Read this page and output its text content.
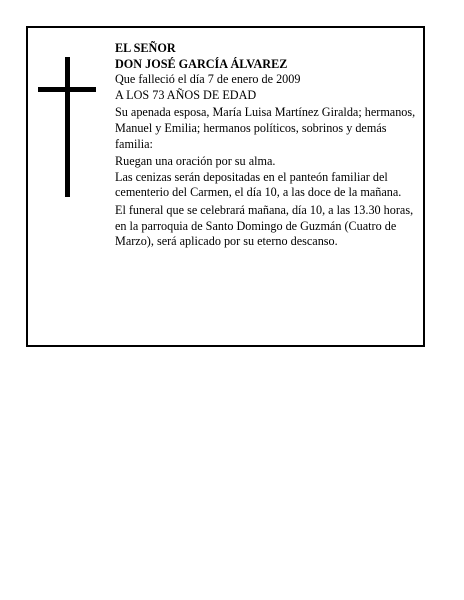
EL SEÑOR

DON JOSÉ GARCÍA ÁLVAREZ

Que falleció el día 7 de enero de 2009

A LOS 73 AÑOS DE EDAD

Su apenada esposa, María Luisa Martínez Giralda; hermanos, Manuel y Emilia; hermanos políticos, sobrinos y demás familia:

Ruegan una oración por su alma.

Las cenizas serán depositadas en el panteón familiar del cementerio del Carmen, el día 10, a las doce de la mañana.

El funeral que se celebrará mañana, día 10, a las 13.30 horas, en la parroquia de Santo Domingo de Guzmán (Cuatro de Marzo), será aplicado por su eterno descanso.
